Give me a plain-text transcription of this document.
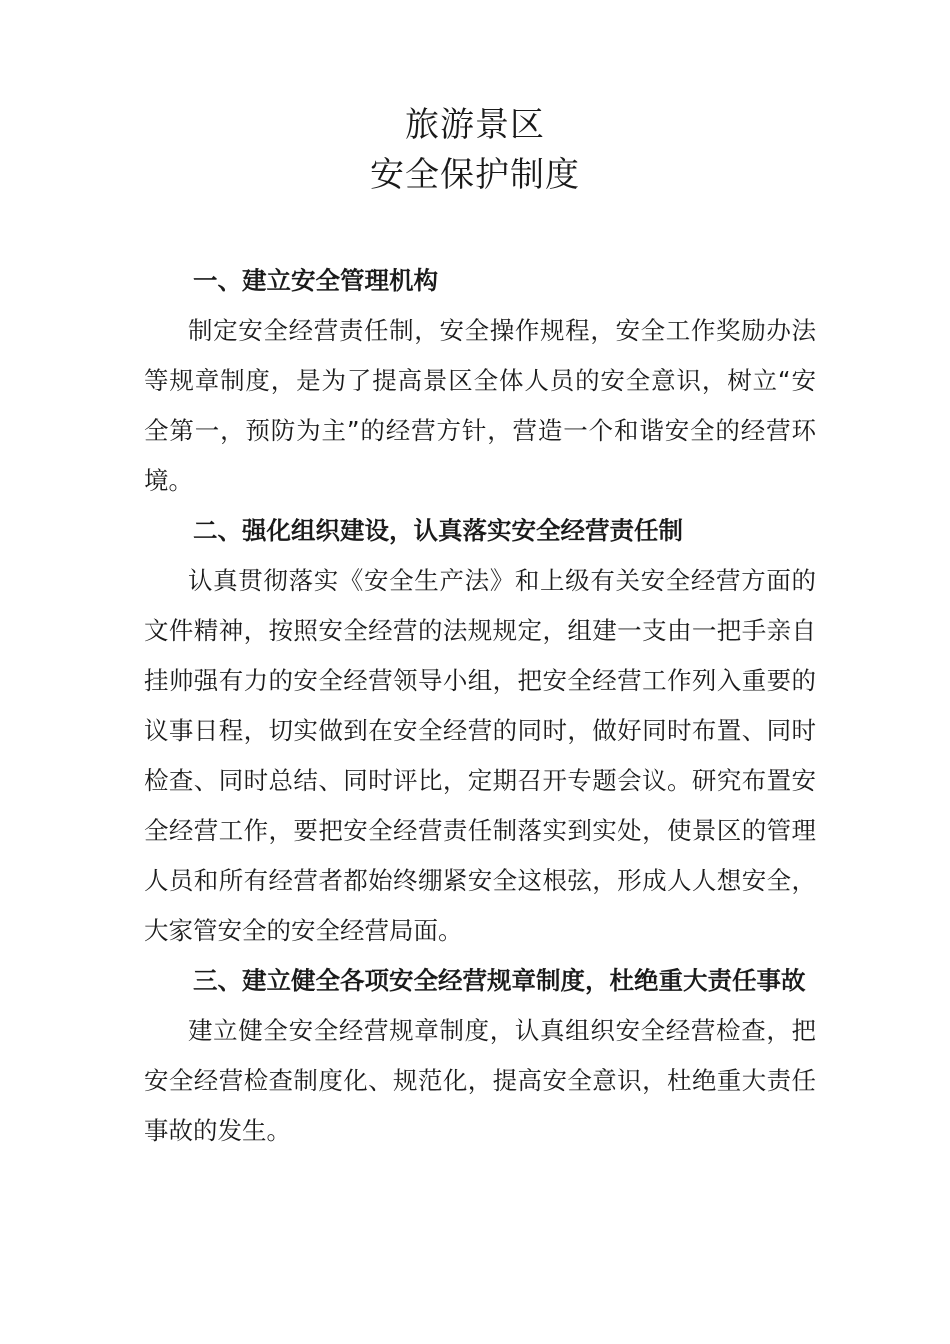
旅游景区
安全保护制度

一、建立安全管理机构

制定安全经营责任制，安全操作规程，安全工作奖励办法等规章制度，是为了提高景区全体人员的安全意识，树立“安全第一，预防为主”的经营方针，营造一个和谐安全的经营环境。

二、强化组织建设，认真落实安全经营责任制

认真贯彻落实《安全生产法》和上级有关安全经营方面的文件精神，按照安全经营的法规规定，组建一支由一把手亲自挂帅强有力的安全经营领导小组，把安全经营工作列入重要的议事日程，切实做到在安全经营的同时，做好同时布置、同时检查、同时总结、同时评比，定期召开专题会议。研究布置安全经营工作，要把安全经营责任制落实到实处，使景区的管理人员和所有经营者都始终绷紧安全这根弦，形成人人想安全，大家管安全的安全经营局面。

三、建立健全各项安全经营规章制度，杜绝重大责任事故

建立健全安全经营规章制度，认真组织安全经营检查，把安全经营检查制度化、规范化，提高安全意识，杜绝重大责任事故的发生。
